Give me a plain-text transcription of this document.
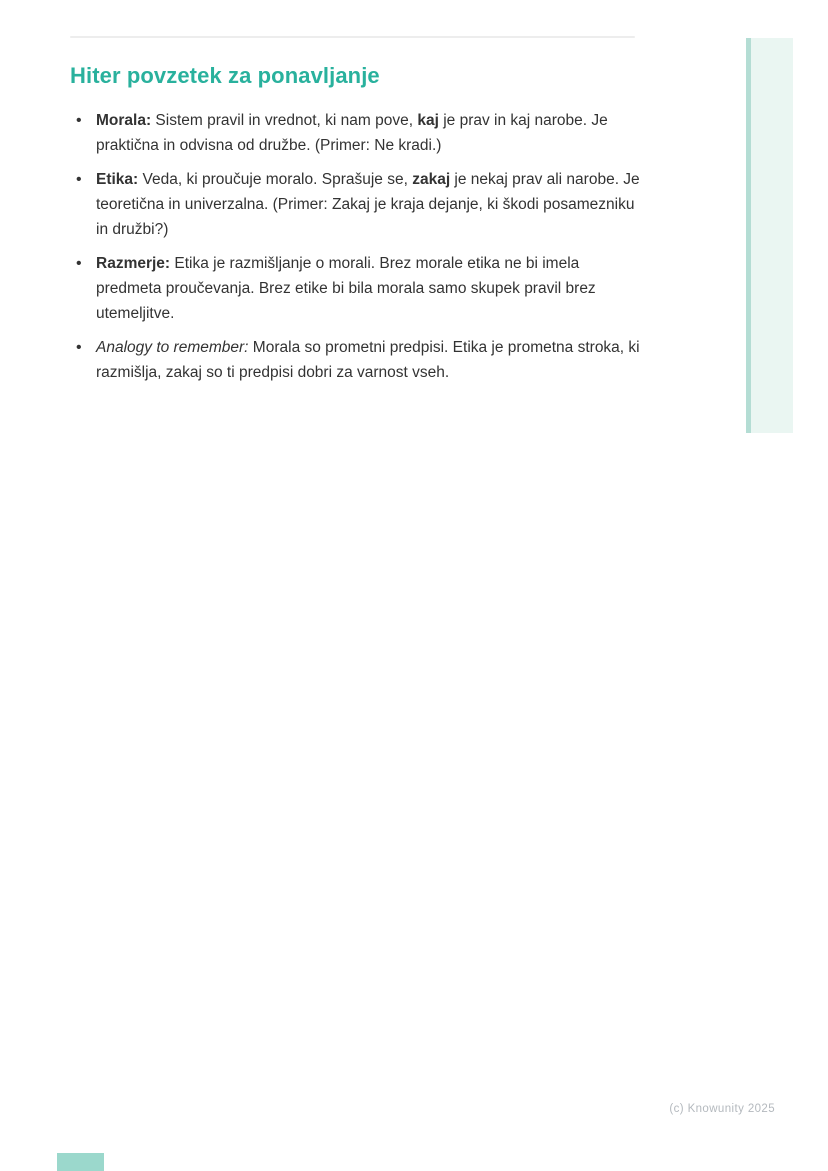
Hiter povzetek za ponavljanje
• Morala: Sistem pravil in vrednot, ki nam pove, kaj je prav in kaj narobe. Je praktična in odvisna od družbe. (Primer: Ne kradi.)
• Etika: Veda, ki proučuje moralo. Sprašuje se, zakaj je nekaj prav ali narobe. Je teoretična in univerzalna. (Primer: Zakaj je kraja dejanje, ki škodi posamezniku in družbi?)
• Razmerje: Etika je razmišljanje o morali. Brez morale etika ne bi imela predmeta proučevanja. Brez etike bi bila morala samo skupek pravil brez utemeljitve.
• Analogy to remember: Morala so prometni predpisi. Etika je prometna stroka, ki razmišlja, zakaj so ti predpisi dobri za varnost vseh.
(c) Knowunity 2025
